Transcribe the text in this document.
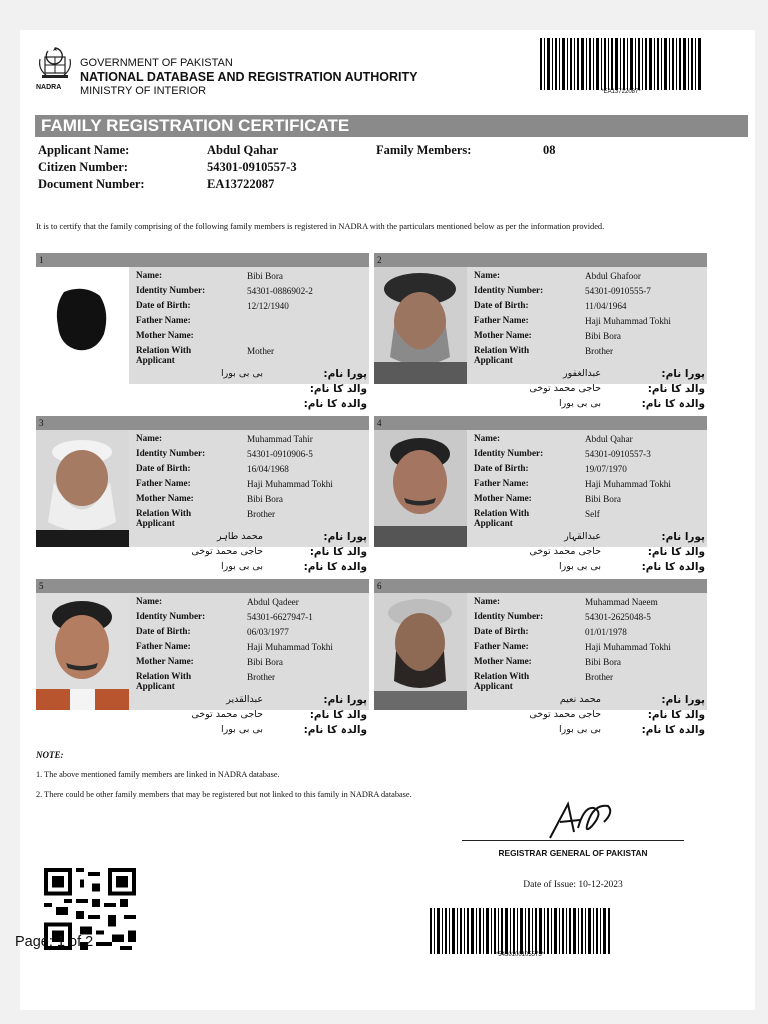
NADRA
GOVERNMENT OF PAKISTAN
NATIONAL DATABASE AND REGISTRATION AUTHORITY
MINISTRY OF INTERIOR	*EA13722087*
FAMILY REGISTRATION CERTIFICATE
Applicant Name:	Abdul Qahar	Family Members:	08
Citizen Number:	54301-0910557-3
Document Number:	EA13722087
It is to certify that the family comprising of the following family members is registered in NADRA with the particulars mentioned below as per the information provided.
1
Name:	Bibi Bora
Identity Number:	54301-0886902-2
Date of Birth:	12/12/1940
Father Name:
Mother Name:
Relation With Applicant
Mother
پورا نام:
بی بی بورا
والد کا نام:
والدہ کا نام:
2
Name:	Abdul Ghafoor
Identity Number:	54301-0910555-7
Date of Birth:	11/04/1964
Father Name:	Haji Muhammad Tokhi
Mother Name:	Bibi Bora
Relation With Applicant
Brother
پورا نام:
عبدالغفور
والد کا نام:
حاجی محمد توخی
والدہ کا نام:
بی بی بورا
3
Name:	Muhammad Tahir
Identity Number:	54301-0910906-5
Date of Birth:	16/04/1968
Father Name:	Haji Muhammad Tokhi
Mother Name:	Bibi Bora
Relation With Applicant
Brother
پورا نام:
محمد طاہر
والد کا نام:
حاجی محمد توخی
والدہ کا نام:
بی بی بورا
4
Name:	Abdul Qahar
Identity Number:	54301-0910557-3
Date of Birth:	19/07/1970
Father Name:	Haji Muhammad Tokhi
Mother Name:	Bibi Bora
Relation With Applicant
Self
پورا نام:
عبدالقہار
والد کا نام:
حاجی محمد توخی
والدہ کا نام:
بی بی بورا
5
Name:	Abdul Qadeer
Identity Number:	54301-6627947-1
Date of Birth:	06/03/1977
Father Name:	Haji Muhammad Tokhi
Mother Name:	Bibi Bora
Relation With Applicant
Brother
پورا نام:
عبدالقدیر
والد کا نام:
حاجی محمد توخی
والدہ کا نام:
بی بی بورا
6
Name:	Muhammad Naeem
Identity Number:	54301-2625048-5
Date of Birth:	01/01/1978
Father Name:	Haji Muhammad Tokhi
Mother Name:	Bibi Bora
Relation With Applicant
Brother
پورا نام:
محمد نعیم
والد کا نام:
حاجی محمد توخی
والدہ کا نام:
بی بی بورا
NOTE:
1. The above mentioned family members are linked in NADRA database.
2. There could be other family members that may be registered but not linked to this family in NADRA database.
REGISTRAR GENERAL OF PAKISTAN
Date of Issue: 10-12-2023
*5430100105573*
Page: 1 of 2
